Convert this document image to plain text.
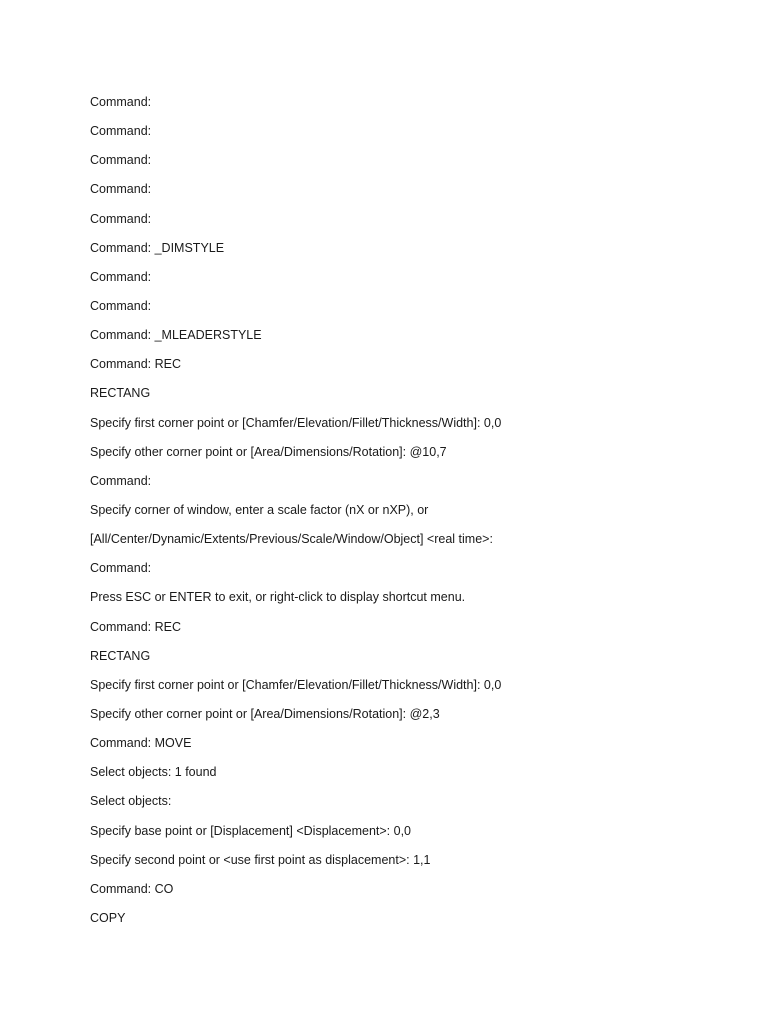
Command:
Command:
Command:
Command:
Command:
Command: _DIMSTYLE
Command:
Command:
Command: _MLEADERSTYLE
Command: REC
RECTANG
Specify first corner point or [Chamfer/Elevation/Fillet/Thickness/Width]: 0,0
Specify other corner point or [Area/Dimensions/Rotation]: @10,7
Command:
Specify corner of window, enter a scale factor (nX or nXP), or
[All/Center/Dynamic/Extents/Previous/Scale/Window/Object] <real time>:
Command:
Press ESC or ENTER to exit, or right-click to display shortcut menu.
Command: REC
RECTANG
Specify first corner point or [Chamfer/Elevation/Fillet/Thickness/Width]: 0,0
Specify other corner point or [Area/Dimensions/Rotation]: @2,3
Command: MOVE
Select objects: 1 found
Select objects:
Specify base point or [Displacement] <Displacement>: 0,0
Specify second point or <use first point as displacement>: 1,1
Command: CO
COPY
